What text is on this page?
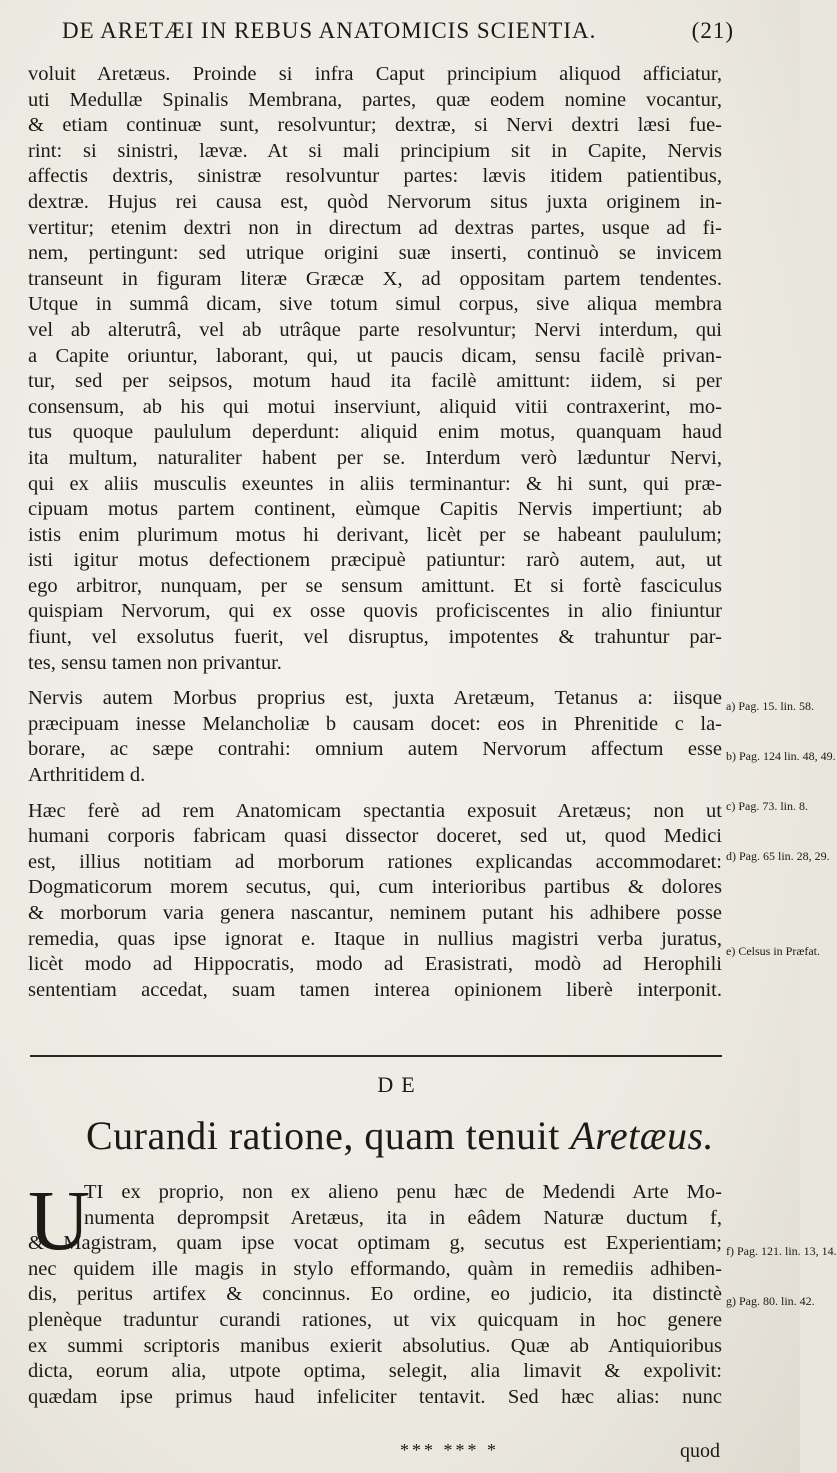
DE ARETÆI IN REBUS ANATOMICIS SCIENTIA.	(21)
voluit Aretæus. Proinde si infra Caput principium aliquod afficiatur,
uti Medullæ Spinalis Membrana, partes, quæ eodem nomine vocantur,
& etiam continuæ sunt, resolvuntur; dextræ, si Nervi dextri læsi fue-
rint: si sinistri, lævæ. At si mali principium sit in Capite, Nervis
affectis dextris, sinistræ resolvuntur partes: lævis itidem patientibus,
dextræ. Hujus rei causa est, quòd Nervorum situs juxta originem in-
vertitur; etenim dextri non in directum ad dextras partes, usque ad fi-
nem, pertingunt: sed utrique origini suæ inserti, continuò se invicem
transeunt in figuram literæ Græcæ X, ad oppositam partem tendentes.
Utque in summâ dicam, sive totum simul corpus, sive aliqua membra
vel ab alterutrâ, vel ab utrâque parte resolvuntur; Nervi interdum, qui
a Capite oriuntur, laborant, qui, ut paucis dicam, sensu facilè privan-
tur, sed per seipsos, motum haud ita facilè amittunt: iidem, si per
consensum, ab his qui motui inserviunt, aliquid vitii contraxerint, mo-
tus quoque paululum deperdunt: aliquid enim motus, quanquam haud
ita multum, naturaliter habent per se. Interdum verò læduntur Nervi,
qui ex aliis musculis exeuntes in aliis terminantur: & hi sunt, qui præ-
cipuam motus partem continent, eùmque Capitis Nervis impertiunt; ab
istis enim plurimum motus hi derivant, licèt per se habeant paululum;
isti igitur motus defectionem præcipuè patiuntur: rarò autem, aut, ut
ego arbitror, nunquam, per se sensum amittunt. Et si fortè fasciculus
quispiam Nervorum, qui ex osse quovis proficiscentes in alio finiuntur
fiunt, vel exsolutus fuerit, vel disruptus, impotentes & trahuntur par-
tes, sensu tamen non privantur.
Nervis autem Morbus proprius est, juxta Aretæum, Tetanus a: iisque
præcipuam inesse Melancholiæ b causam docet: eos in Phrenitide c la-
borare, ac sæpe contrahi: omnium autem Nervorum affectum esse
Arthritidem d.
Hæc ferè ad rem Anatomicam spectantia exposuit Aretæus; non ut
humani corporis fabricam quasi dissector doceret, sed ut, quod Medici
est, illius notitiam ad morborum rationes explicandas accommodaret:
Dogmaticorum morem secutus, qui, cum interioribus partibus & dolores
& morborum varia genera nascantur, neminem putant his adhibere posse
remedia, quas ipse ignorat e. Itaque in nullius magistri verba juratus,
licèt modo ad Hippocratis, modo ad Erasistrati, modò ad Herophili
sententiam accedat, suam tamen interea opinionem liberè interponit.
a) Pag. 15. lin. 58.
b) Pag. 124 lin. 48, 49.
c) Pag. 73. lin. 8.
d) Pag. 65 lin. 28, 29.
e) Celsus in Præfat.
f) Pag. 121. lin. 13, 14.
g) Pag. 80. lin. 42.
DE
Curandi ratione, quam tenuit Aretæus.
U
TI ex proprio, non ex alieno penu hæc de Medendi Arte Mo-
numenta deprompsit Aretæus, ita in eâdem Naturæ ductum f,
& Magistram, quam ipse vocat optimam g, secutus est Experientiam;
nec quidem ille magis in stylo efformando, quàm in remediis adhiben-
dis, peritus artifex & concinnus. Eo ordine, eo judicio, ita distinctè
plenèque traduntur curandi rationes, ut vix quicquam in hoc genere
ex summi scriptoris manibus exierit absolutius. Quæ ab Antiquioribus
dicta, eorum alia, utpote optima, selegit, alia limavit & expolivit:
quædam ipse primus haud infeliciter tentavit. Sed hæc alias: nunc
*** *** *	quod
